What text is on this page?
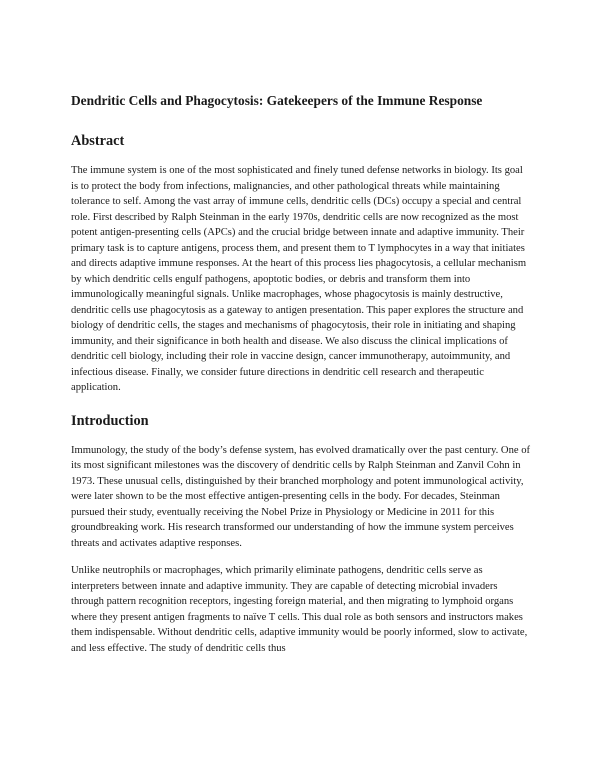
Dendritic Cells and Phagocytosis: Gatekeepers of the Immune Response
Abstract

The immune system is one of the most sophisticated and finely tuned defense networks in biology. Its goal is to protect the body from infections, malignancies, and other pathological threats while maintaining tolerance to self. Among the vast array of immune cells, dendritic cells (DCs) occupy a special and central role. First described by Ralph Steinman in the early 1970s, dendritic cells are now recognized as the most potent antigen-presenting cells (APCs) and the crucial bridge between innate and adaptive immunity. Their primary task is to capture antigens, process them, and present them to T lymphocytes in a way that initiates and directs adaptive immune responses. At the heart of this process lies phagocytosis, a cellular mechanism by which dendritic cells engulf pathogens, apoptotic bodies, or debris and transform them into immunologically meaningful signals. Unlike macrophages, whose phagocytosis is mainly destructive, dendritic cells use phagocytosis as a gateway to antigen presentation. This paper explores the structure and biology of dendritic cells, the stages and mechanisms of phagocytosis, their role in initiating and shaping immunity, and their significance in both health and disease. We also discuss the clinical implications of dendritic cell biology, including their role in vaccine design, cancer immunotherapy, autoimmunity, and infectious disease. Finally, we consider future directions in dendritic cell research and therapeutic application.

Introduction

Immunology, the study of the body’s defense system, has evolved dramatically over the past century. One of its most significant milestones was the discovery of dendritic cells by Ralph Steinman and Zanvil Cohn in 1973. These unusual cells, distinguished by their branched morphology and potent immunological activity, were later shown to be the most effective antigen-presenting cells in the body. For decades, Steinman pursued their study, eventually receiving the Nobel Prize in Physiology or Medicine in 2011 for this groundbreaking work. His research transformed our understanding of how the immune system perceives threats and activates adaptive responses.

Unlike neutrophils or macrophages, which primarily eliminate pathogens, dendritic cells serve as interpreters between innate and adaptive immunity. They are capable of detecting microbial invaders through pattern recognition receptors, ingesting foreign material, and then migrating to lymphoid organs where they present antigen fragments to naïve T cells. This dual role as both sensors and instructors makes them indispensable. Without dendritic cells, adaptive immunity would be poorly informed, slow to activate, and less effective. The study of dendritic cells thus
